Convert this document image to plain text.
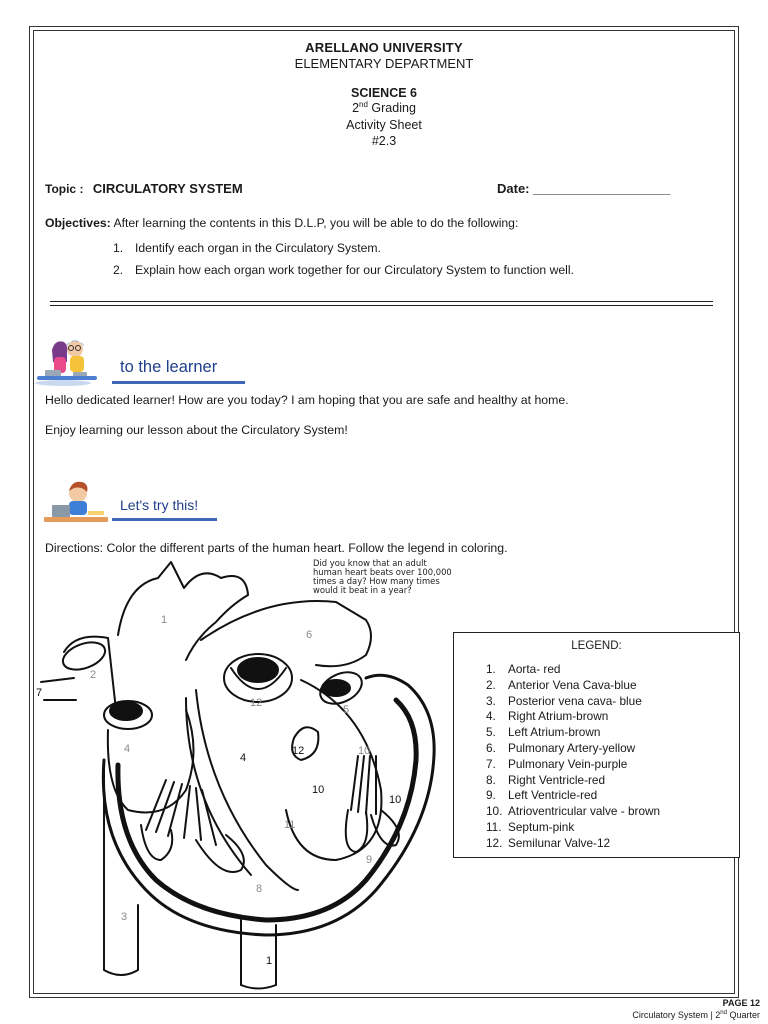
ARELLANO UNIVERSITY
ELEMENTARY DEPARTMENT
SCIENCE 6
2nd Grading
Activity Sheet
#2.3
Topic : CIRCULATORY SYSTEM	Date: ___________________
Objectives: After learning the contents in this D.L.P, you will be able to do the following:
1. Identify each organ in the Circulatory System.
2. Explain how each organ work together for our Circulatory System to function well.
to the learner
Hello dedicated learner! How are you today? I am hoping that you are safe and healthy at home.
Enjoy learning our lesson about the Circulatory System!
Let's try this!
Directions: Color the different parts of the human heart. Follow the legend in coloring.
Did you know that an adult
human heart beats over 100,000
times a day? How many times
would it beat in a year?
1
2
3
4
5
6
8
9
10
11
12
1
7
4
10
10
12
LEGEND:
1. Aorta- red
2. Anterior Vena Cava-blue
3. Posterior vena cava- blue
4. Right Atrium-brown
5. Left Atrium-brown
6. Pulmonary Artery-yellow
7. Pulmonary Vein-purple
8. Right Ventricle-red
9. Left Ventricle-red
10. Atrioventricular valve - brown
11. Septum-pink
12. Semilunar Valve-12
PAGE 12
Circulatory System | 2nd Quarter
